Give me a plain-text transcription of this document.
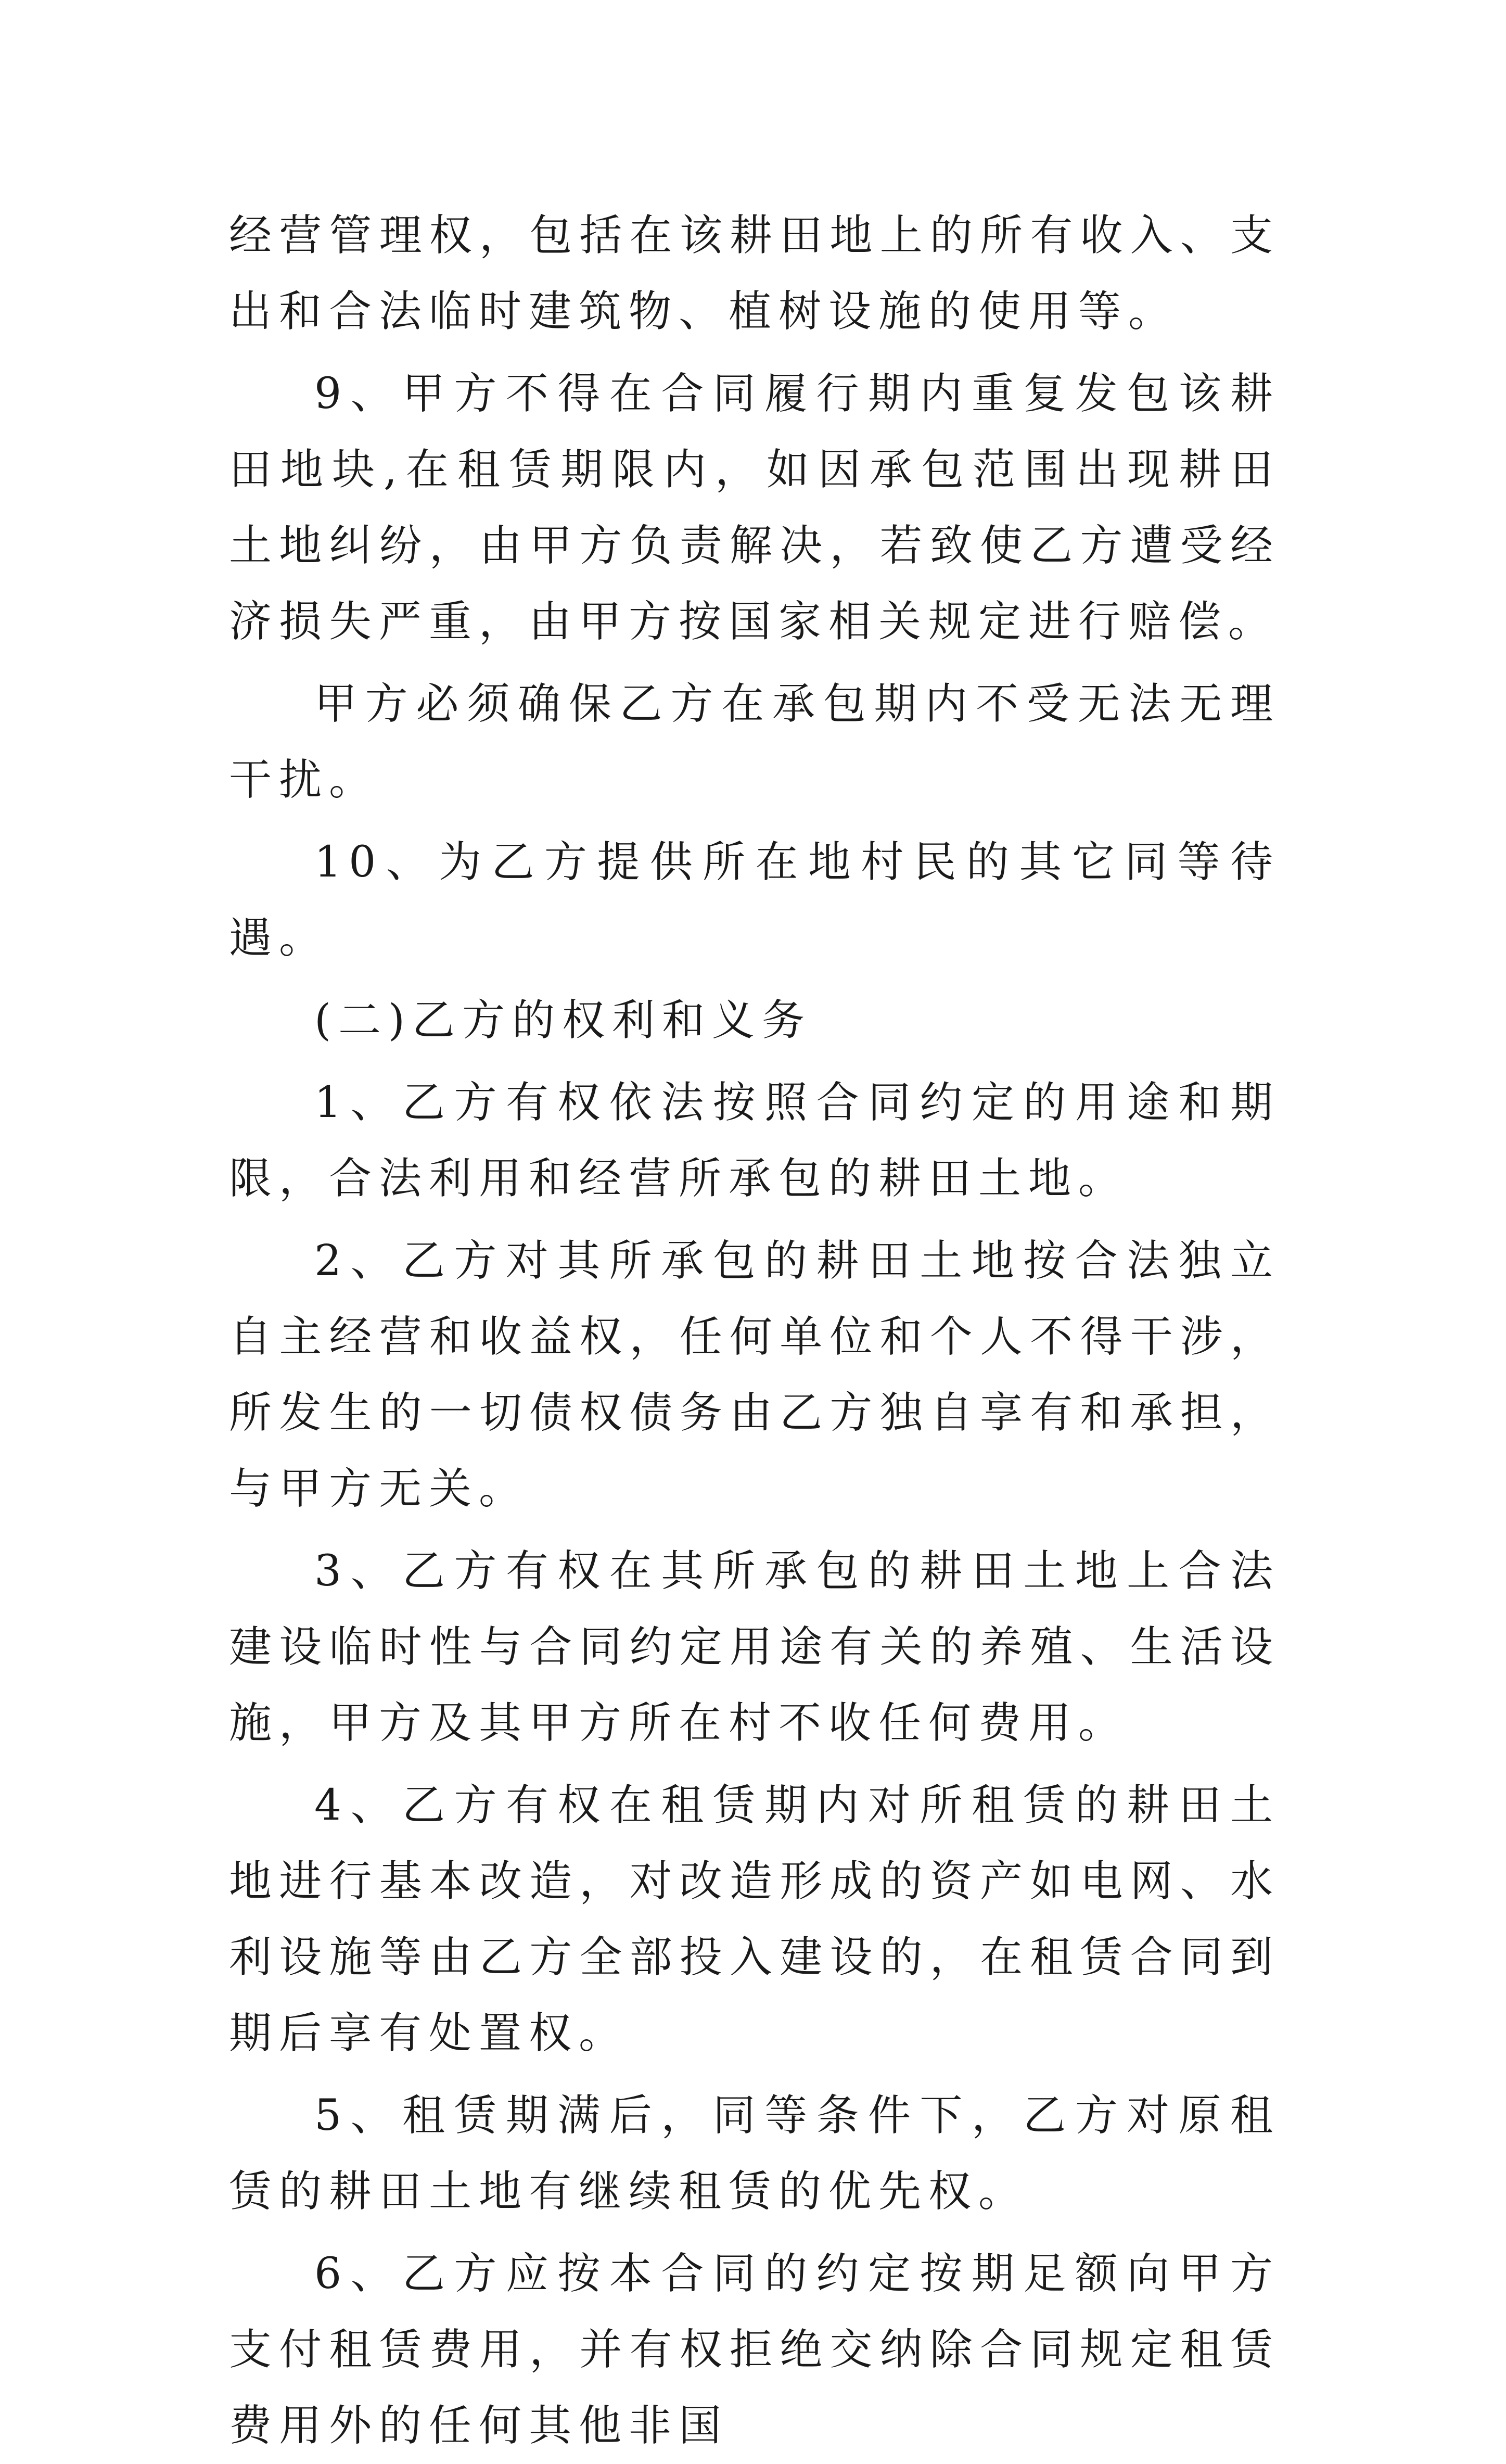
经营管理权，包括在该耕田地上的所有收入、支出和合法临时建筑物、植树设施的使用等。

9、甲方不得在合同履行期内重复发包该耕田地块,在租赁期限内，如因承包范围出现耕田土地纠纷，由甲方负责解决，若致使乙方遭受经济损失严重，由甲方按国家相关规定进行赔偿。

甲方必须确保乙方在承包期内不受无法无理干扰。

10、为乙方提供所在地村民的其它同等待遇。

(二)乙方的权利和义务

1、乙方有权依法按照合同约定的用途和期限，合法利用和经营所承包的耕田土地。

2、乙方对其所承包的耕田土地按合法独立自主经营和收益权，任何单位和个人不得干涉，所发生的一切债权债务由乙方独自享有和承担，与甲方无关。

3、乙方有权在其所承包的耕田土地上合法建设临时性与合同约定用途有关的养殖、生活设施，甲方及其甲方所在村不收任何费用。

4、乙方有权在租赁期内对所租赁的耕田土地进行基本改造，对改造形成的资产如电网、水利设施等由乙方全部投入建设的，在租赁合同到期后享有处置权。

5、租赁期满后，同等条件下，乙方对原租赁的耕田土地有继续租赁的优先权。

6、乙方应按本合同的约定按期足额向甲方支付租赁费用，并有权拒绝交纳除合同规定租赁费用外的任何其他非国
